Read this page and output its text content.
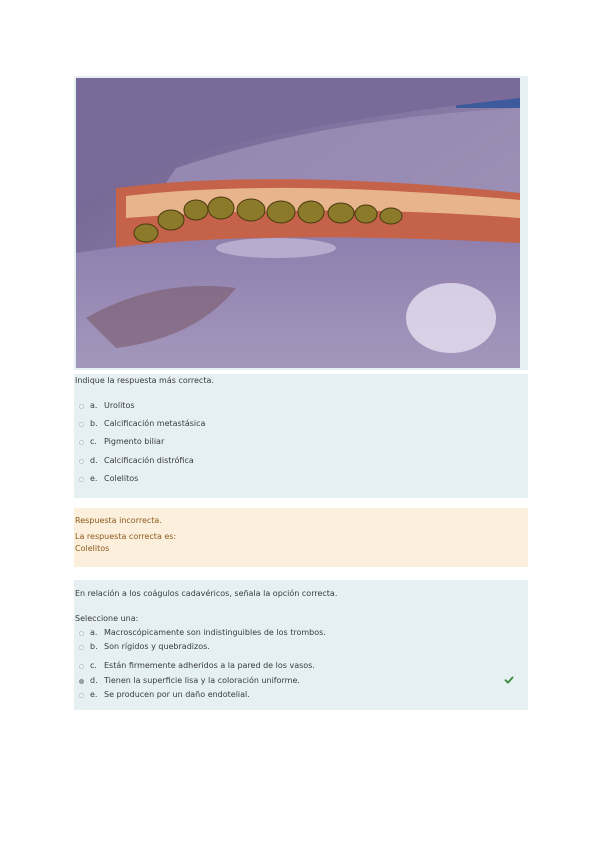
Indique la respuesta más correcta.
a. Urolitos
b. Calcificación metastásica
c. Pigmento biliar
d. Calcificación distrófica
e. Colelitos
Respuesta incorrecta.
La respuesta correcta es:
Colelitos
En relación a los coágulos cadavéricos, señala la opción correcta.
Seleccione una:
a. Macroscópicamente son indistinguibles de los trombos.
b. Son rígidos y quebradizos.
c. Están firmemente adheridos a la pared de los vasos.
d. Tienen la superficie lisa y la coloración uniforme.
e. Se producen por un daño endotelial.
